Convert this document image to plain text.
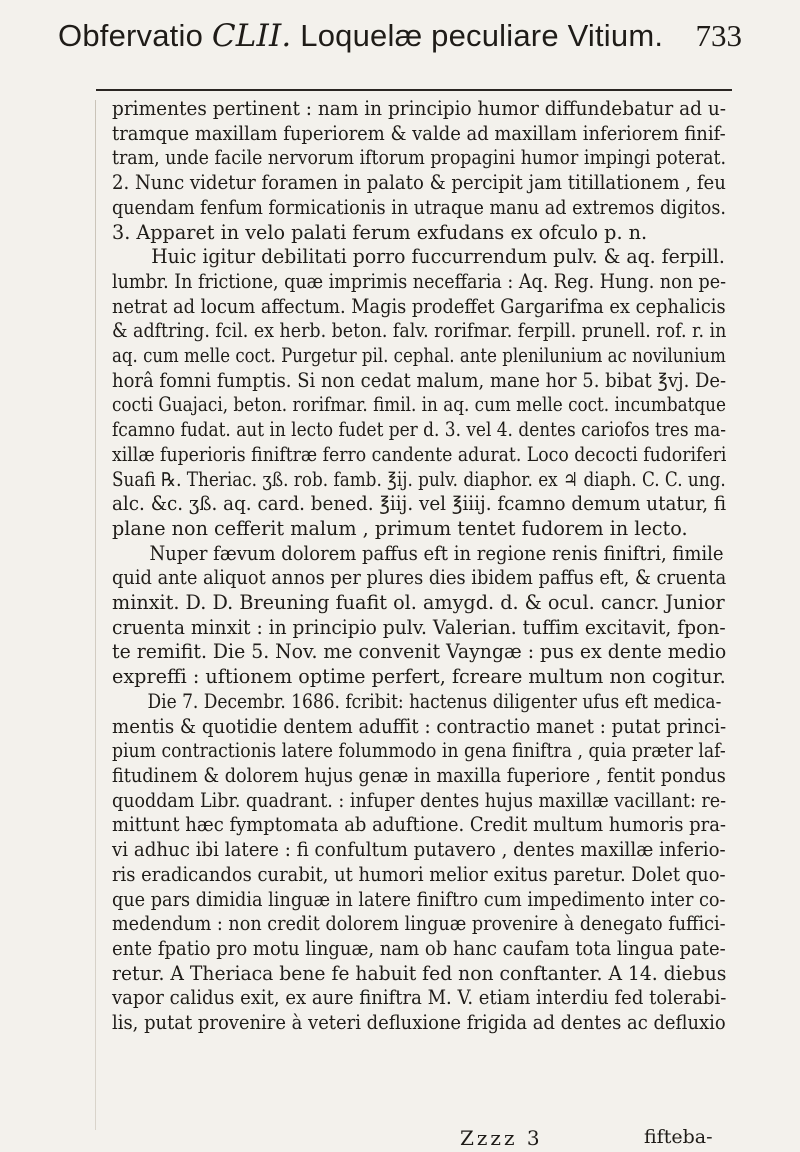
Obfervatio CLII. Loquelæ peculiare Vitium. 733

primentes pertinent : nam in principio humor diffundebatur ad u-
tramque maxillam fuperiorem & valde ad maxillam inferiorem finif-
tram, unde facile nervorum iftorum propagini humor impingi poterat.
2. Nunc videtur foramen in palato & percipit jam titillationem , feu
quendam fenfum formicationis in utraque manu ad extremos digitos.
3. Apparet in velo palati ferum exfudans ex ofculo p. n.

Huic igitur debilitati porro fuccurrendum pulv. & aq. ferpill.
lumbr. In frictione, quæ imprimis neceffaria : Aq. Reg. Hung. non pe-
netrat ad locum affectum. Magis prodeffet Gargarifma ex cephalicis
& adftring. fcil. ex herb. beton. falv. rorifmar. ferpill. prunell. rof. r. in
aq. cum melle coct. Purgetur pil. cephal. ante plenilunium ac novilunium
horâ fomni fumptis. Si non cedat malum, mane hor 5. bibat ℥vj. De-
cocti Guajaci, beton. rorifmar. fimil. in aq. cum melle coct. incumbatque
fcamno fudat. aut in lecto fudet per d. 3. vel 4. dentes cariofos tres ma-
xillæ fuperioris finiftræ ferro candente adurat. Loco decocti fudoriferi
Suafi ℞. Theriac. ʒß. rob. famb. ℥ij. pulv. diaphor. ex ♃ diaph. C. C. ung.
alc. &c. ʒß. aq. card. bened. ℥iij. vel ℥iiij. fcamno demum utatur, fi
plane non cefferit malum , primum tentet fudorem in lecto.

Nuper fævum dolorem paffus eft in regione renis finiftri, fimile
quid ante aliquot annos per plures dies ibidem paffus eft, & cruenta
minxit. D. D. Breuning fuafit ol. amygd. d. & ocul. cancr. Junior
cruenta minxit : in principio pulv. Valerian. tuffim excitavit, fpon-
te remifit. Die 5. Nov. me convenit Vayngæ : pus ex dente medio
expreffi : uftionem optime perfert, fcreare multum non cogitur.

Die 7. Decembr. 1686. fcribit: hactenus diligenter ufus eft medica-
mentis & quotidie dentem aduffit : contractio manet : putat princi-
pium contractionis latere folummodo in gena finiftra , quia præter laf-
fitudinem & dolorem hujus genæ in maxilla fuperiore , fentit pondus
quoddam Libr. quadrant. : infuper dentes hujus maxillæ vacillant: re-
mittunt hæc fymptomata ab aduftione. Credit multum humoris pra-
vi adhuc ibi latere : fi confultum putavero , dentes maxillæ inferio-
ris eradicandos curabit, ut humori melior exitus paretur. Dolet quo-
que pars dimidia linguæ in latere finiftro cum impedimento inter co-
medendum : non credit dolorem linguæ provenire à denegato fuffici-
ente fpatio pro motu linguæ, nam ob hanc caufam tota lingua pate-
retur. A Theriaca bene fe habuit fed non conftanter. A 14. diebus
vapor calidus exit, ex aure finiftra M. V. etiam interdiu fed tolerabi-
lis, putat provenire à veteri defluxione frigida ad dentes ac defluxio

Zzzz 3	fifteba-
